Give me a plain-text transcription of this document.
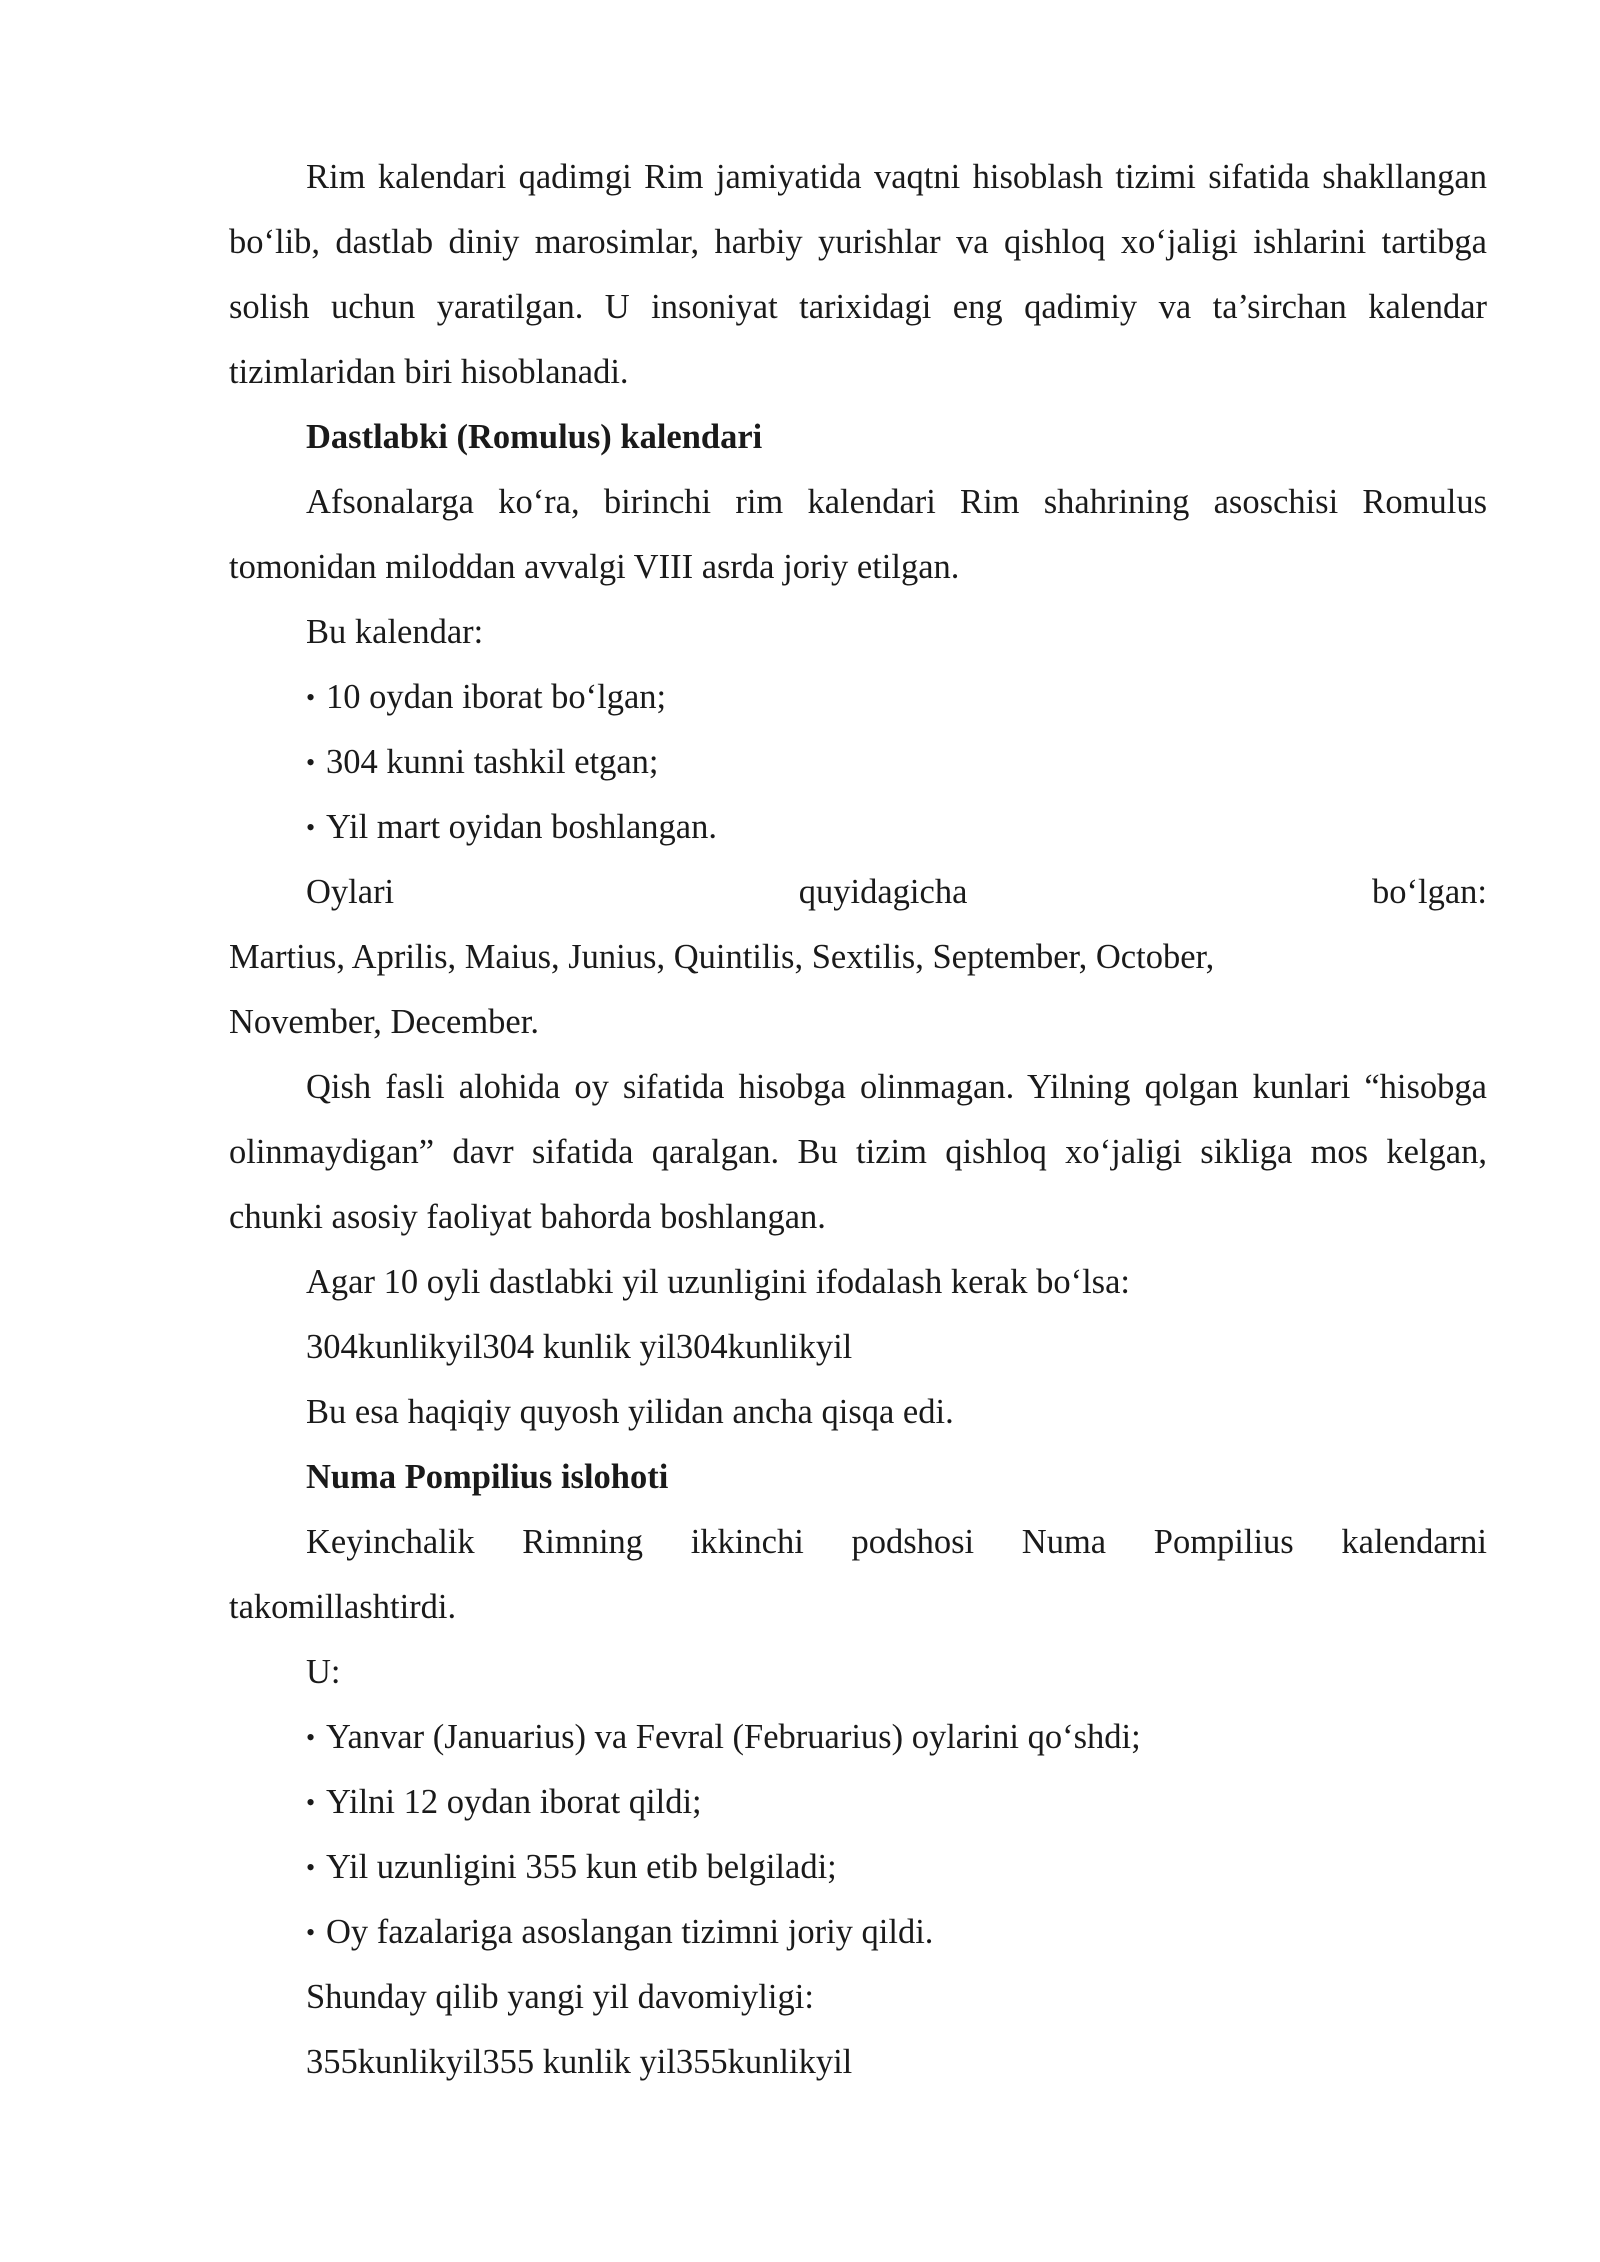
Rim kalendari qadimgi Rim jamiyatida vaqtni hisoblash tizimi sifatida shakllangan bo‘lib, dastlab diniy marosimlar, harbiy yurishlar va qishloq xo‘jaligi ishlarini tartibga solish uchun yaratilgan. U insoniyat tarixidagi eng qadimiy va ta’sirchan kalendar tizimlaridan biri hisoblanadi.

Dastlabki (Romulus) kalendari

Afsonalarga ko‘ra, birinchi rim kalendari Rim shahrining asoschisi Romulus tomonidan miloddan avvalgi VIII asrda joriy etilgan.

Bu kalendar:

• 10 oydan iborat bo‘lgan;

• 304 kunni tashkil etgan;

• Yil mart oyidan boshlangan.

Oylari quyidagicha bo‘lgan:

Martius, Aprilis, Maius, Junius, Quintilis, Sextilis, September, October,

November, December.

Qish fasli alohida oy sifatida hisobga olinmagan. Yilning qolgan kunlari “hisobga olinmaydigan” davr sifatida qaralgan. Bu tizim qishloq xo‘jaligi sikliga mos kelgan, chunki asosiy faoliyat bahorda boshlangan.

Agar 10 oyli dastlabki yil uzunligini ifodalash kerak bo‘lsa:

304kunlikyil304 kunlik yil304kunlikyil

Bu esa haqiqiy quyosh yilidan ancha qisqa edi.

Numa Pompilius islohoti

Keyinchalik Rimning ikkinchi podshosi Numa Pompilius kalendarni takomillashtirdi.

U:

• Yanvar (Januarius) va Fevral (Februarius) oylarini qo‘shdi;

• Yilni 12 oydan iborat qildi;

• Yil uzunligini 355 kun etib belgiladi;

• Oy fazalariga asoslangan tizimni joriy qildi.

Shunday qilib yangi yil davomiyligi:

355kunlikyil355 kunlik yil355kunlikyil
